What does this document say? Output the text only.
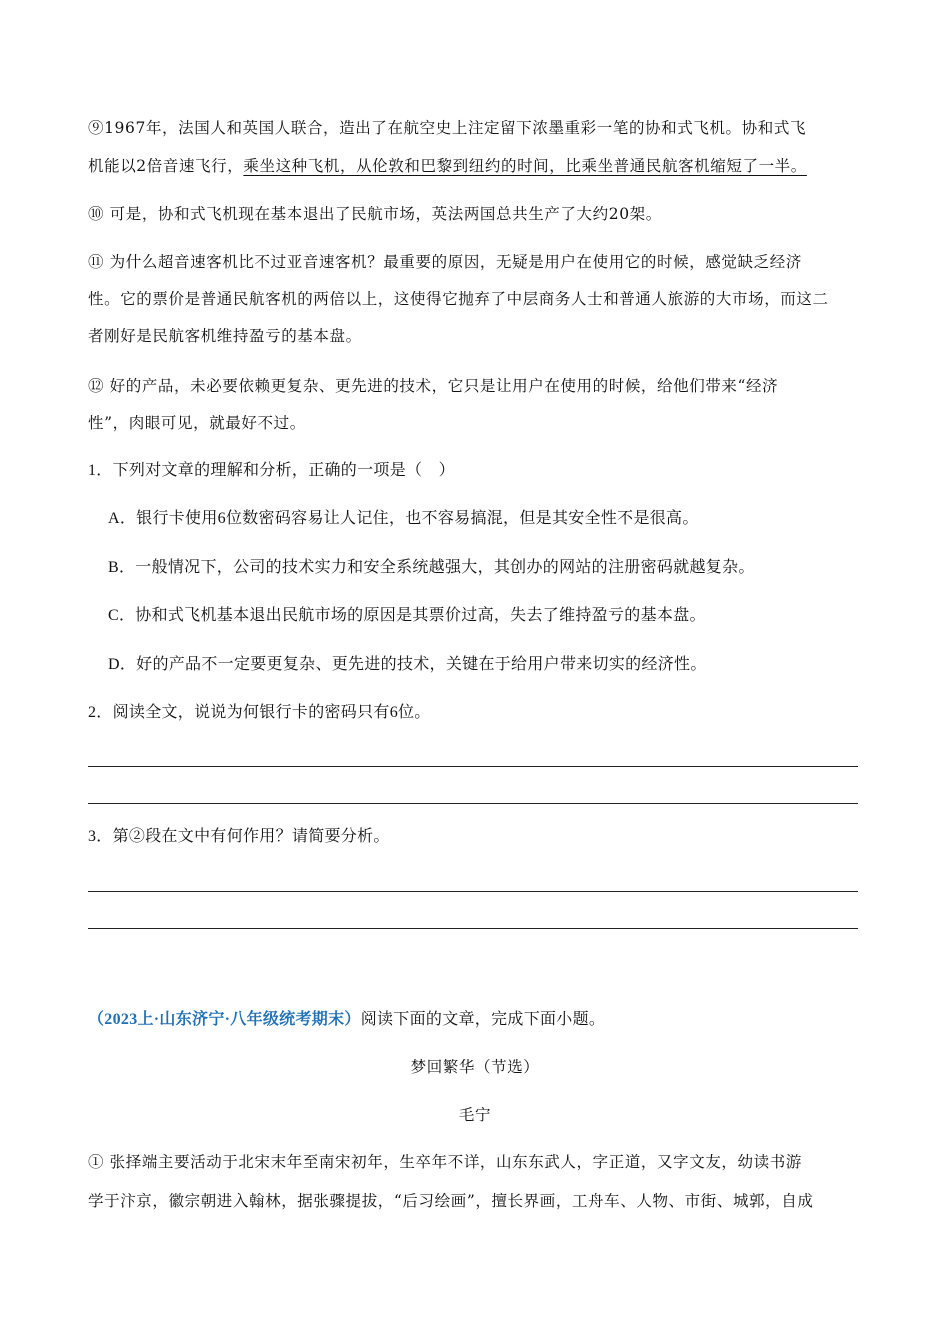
⑨1967年，法国人和英国人联合，造出了在航空史上注定留下浓墨重彩一笔的协和式飞机。协和式飞
机能以2倍音速飞行，乘坐这种飞机，从伦敦和巴黎到纽约的时间，比乘坐普通民航客机缩短了一半。
⑩ 可是，协和式飞机现在基本退出了民航市场，英法两国总共生产了大约20架。
⑪ 为什么超音速客机比不过亚音速客机？最重要的原因，无疑是用户在使用它的时候，感觉缺乏经济
性。它的票价是普通民航客机的两倍以上，这使得它抛弃了中层商务人士和普通人旅游的大市场，而这二
者刚好是民航客机维持盈亏的基本盘。
⑫ 好的产品，未必要依赖更复杂、更先进的技术，它只是让用户在使用的时候，给他们带来“经济
性”，肉眼可见，就最好不过。
1．下列对文章的理解和分析，正确的一项是（　）
A．银行卡使用6位数密码容易让人记住，也不容易搞混，但是其安全性不是很高。
B．一般情况下，公司的技术实力和安全系统越强大，其创办的网站的注册密码就越复杂。
C．协和式飞机基本退出民航市场的原因是其票价过高，失去了维持盈亏的基本盘。
D．好的产品不一定要更复杂、更先进的技术，关键在于给用户带来切实的经济性。
2．阅读全文，说说为何银行卡的密码只有6位。
3．第②段在文中有何作用？请简要分析。
（2023上·山东济宁·八年级统考期末）阅读下面的文章，完成下面小题。
梦回繁华（节选）
毛宁
① 张择端主要活动于北宋末年至南宋初年，生卒年不详，山东东武人，字正道，又字文友，幼读书游
学于汴京，徽宗朝进入翰林，据张骤提拔，“后习绘画”，擅长界画，工舟车、人物、市街、城郭，自成
